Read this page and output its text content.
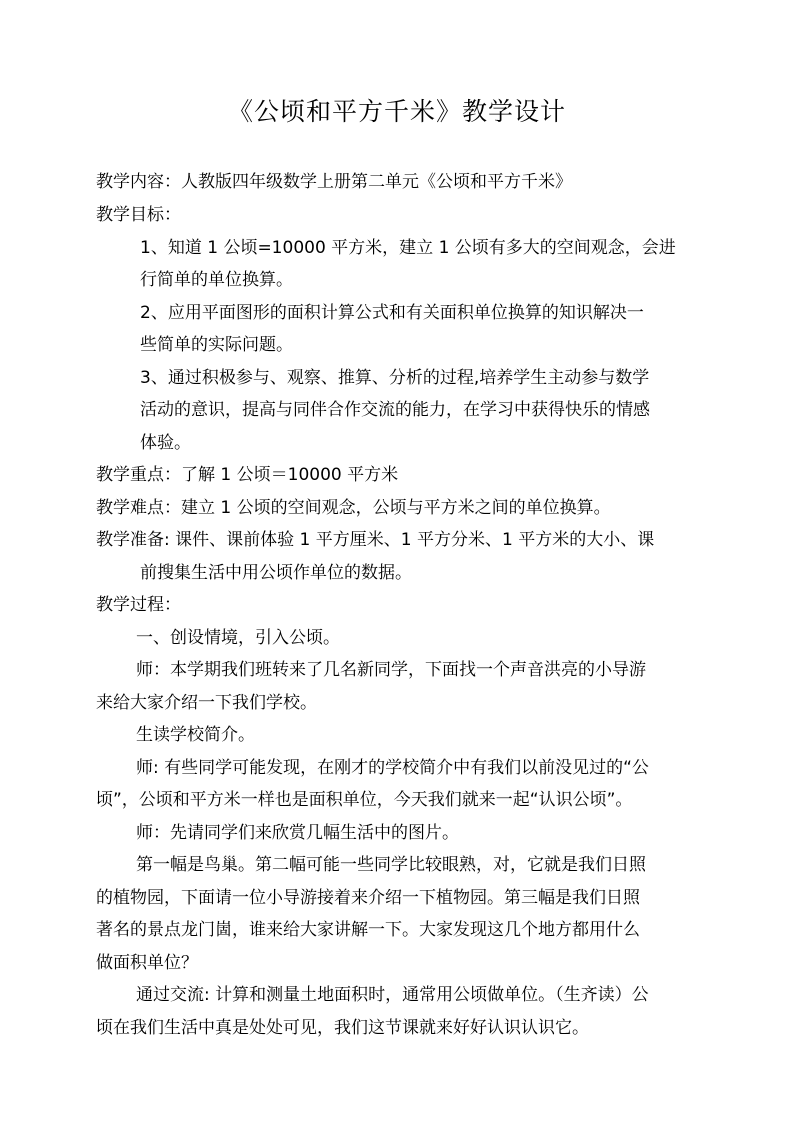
《公顷和平方千米》教学设计
教学内容：人教版四年级数学上册第二单元《公顷和平方千米》
教学目标：
1、知道 1 公顷=10000 平方米，建立 1 公顷有多大的空间观念，会进
行简单的单位换算。
2、应用平面图形的面积计算公式和有关面积单位换算的知识解决一
些简单的实际问题。
3、通过积极参与、观察、推算、分析的过程,培养学生主动参与数学
活动的意识，提高与同伴合作交流的能力，在学习中获得快乐的情感
体验。
教学重点：了解 1 公顷＝10000 平方米
教学难点：建立 1 公顷的空间观念，公顷与平方米之间的单位换算。
教学准备: 课件、课前体验 1 平方厘米、1 平方分米、1 平方米的大小、课
前搜集生活中用公顷作单位的数据。
教学过程：
一、创设情境，引入公顷。
师：本学期我们班转来了几名新同学，下面找一个声音洪亮的小导游
来给大家介绍一下我们学校。
生读学校简介。
师: 有些同学可能发现，在刚才的学校简介中有我们以前没见过的“公
顷”，公顷和平方米一样也是面积单位，今天我们就来一起“认识公顷”。
师：先请同学们来欣赏几幅生活中的图片。
第一幅是鸟巢。第二幅可能一些同学比较眼熟，对，它就是我们日照
的植物园，下面请一位小导游接着来介绍一下植物园。第三幅是我们日照
著名的景点龙门崮，谁来给大家讲解一下。大家发现这几个地方都用什么
做面积单位？
通过交流: 计算和测量土地面积时，通常用公顷做单位。（生齐读）公
顷在我们生活中真是处处可见，我们这节课就来好好认识认识它。
